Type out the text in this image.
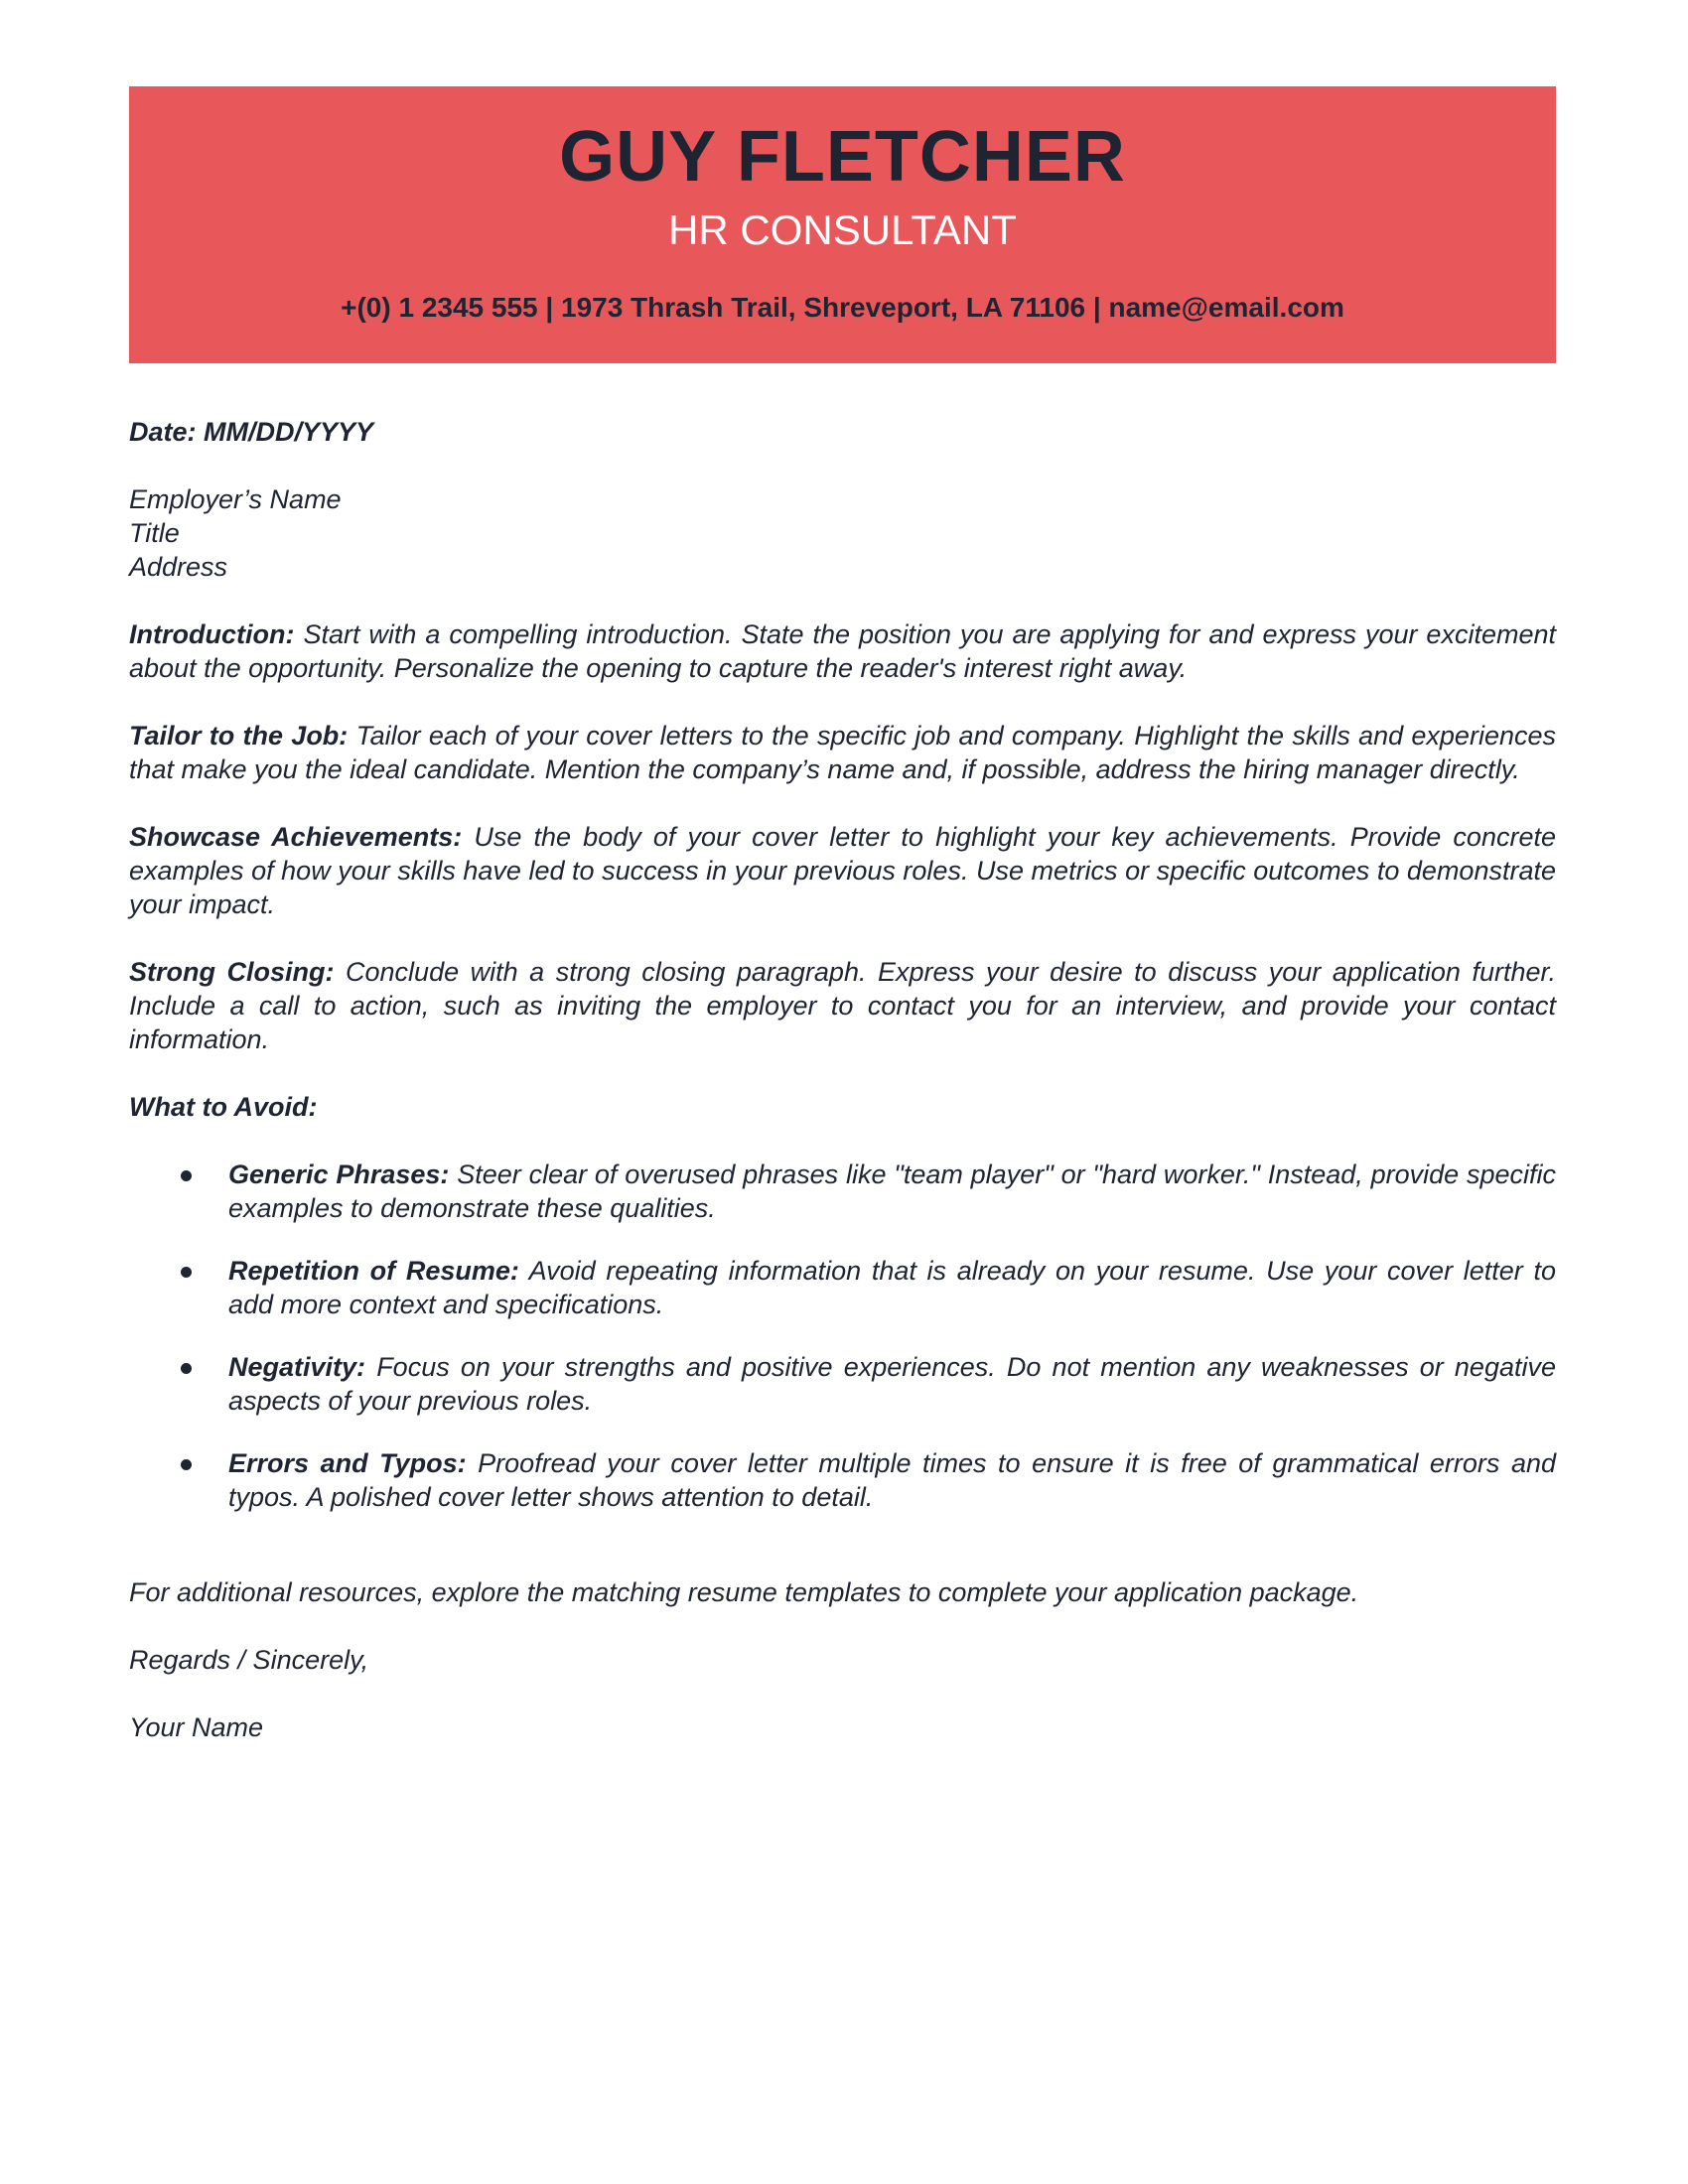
GUY FLETCHER
HR CONSULTANT
+(0) 1 2345 555 | 1973 Thrash Trail, Shreveport, LA 71106 | name@email.com

Date: MM/DD/YYYY

Employer’s Name

Title

Address

Introduction: Start with a compelling introduction. State the position you are applying for and express your excitement about the opportunity. Personalize the opening to capture the reader's interest right away.

Tailor to the Job: Tailor each of your cover letters to the specific job and company. Highlight the skills and experiences that make you the ideal candidate. Mention the company’s name and, if possible, address the hiring manager directly.

Showcase Achievements: Use the body of your cover letter to highlight your key achievements. Provide concrete examples of how your skills have led to success in your previous roles. Use metrics or specific outcomes to demonstrate your impact.

Strong Closing: Conclude with a strong closing paragraph. Express your desire to discuss your application further. Include a call to action, such as inviting the employer to contact you for an interview, and provide your contact information.

What to Avoid:

Generic Phrases: Steer clear of overused phrases like "team player" or "hard worker." Instead, provide specific examples to demonstrate these qualities.
Repetition of Resume: Avoid repeating information that is already on your resume. Use your cover letter to add more context and specifications.
Negativity: Focus on your strengths and positive experiences. Do not mention any weaknesses or negative aspects of your previous roles.
Errors and Typos: Proofread your cover letter multiple times to ensure it is free of grammatical errors and typos. A polished cover letter shows attention to detail.

For additional resources, explore the matching resume templates to complete your application package.

Regards / Sincerely,

Your Name
